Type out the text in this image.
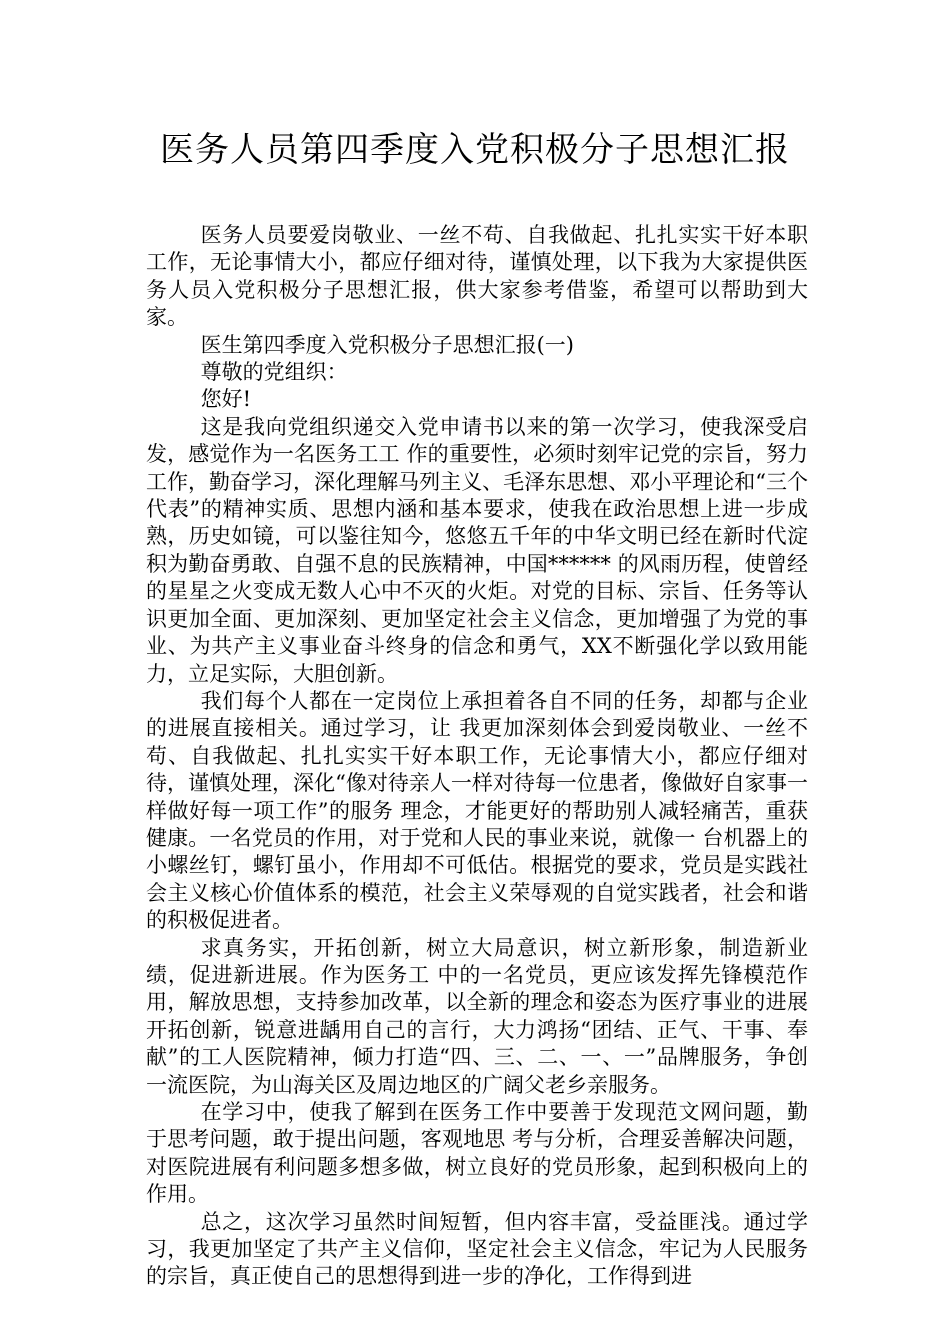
医务人员第四季度入党积极分子思想汇报

医务人员要爱岗敬业、一丝不苟、自我做起、扎扎实实干好本职工作，无论事情大小，都应仔细对待，谨慎处理，以下我为大家提供医务人员入党积极分子思想汇报，供大家参考借鉴，希望可以帮助到大家。

医生第四季度入党积极分子思想汇报(一)

尊敬的党组织：

您好!

这是我向党组织递交入党申请书以来的第一次学习，使我深受启发，感觉作为一名医务工工 作的重要性，必须时刻牢记党的宗旨，努力工作，勤奋学习，深化理解马列主义、毛泽东思想、邓小平理论和“三个代表”的精神实质、思想内涵和基本要求，使我在政治思想上进一步成熟，历史如镜，可以鉴往知今，悠悠五千年的中华文明已经在新时代淀积为勤奋勇敢、自强不息的民族精神，中国****** 的风雨历程，使曾经的星星之火变成无数人心中不灭的火炬。对党的目标、宗旨、任务等认识更加全面、更加深刻、更加坚定社会主义信念，更加增强了为党的事业、为共产主义事业奋斗终身的信念和勇气，XX不断强化学以致用能力，立足实际，大胆创新。

我们每个人都在一定岗位上承担着各自不同的任务，却都与企业的进展直接相关。通过学习，让 我更加深刻体会到爱岗敬业、一丝不苟、自我做起、扎扎实实干好本职工作，无论事情大小，都应仔细对待，谨慎处理，深化“像对待亲人一样对待每一位患者，像做好自家事一样做好每一项工作”的服务 理念，才能更好的帮助别人减轻痛苦，重获健康。一名党员的作用，对于党和人民的事业来说，就像一 台机器上的小螺丝钉，螺钉虽小，作用却不可低估。根据党的要求，党员是实践社会主义核心价值体系的模范，社会主义荣辱观的自觉实践者，社会和谐的积极促进者。

求真务实，开拓创新，树立大局意识，树立新形象，制造新业绩，促进新进展。作为医务工 中的一名党员，更应该发挥先锋模范作用，解放思想，支持参加改革，以全新的理念和姿态为医疗事业的进展开拓创新，锐意进龋用自己的言行，大力鸿扬“团结、正气、干事、奉献”的工人医院精神，倾力打造“四、三、二、一、一”品牌服务，争创一流医院，为山海关区及周边地区的广阔父老乡亲服务。

在学习中，使我了解到在医务工作中要善于发现范文网问题，勤于思考问题，敢于提出问题，客观地思 考与分析，合理妥善解决问题，对医院进展有利问题多想多做，树立良好的党员形象，起到积极向上的作用。

总之，这次学习虽然时间短暂，但内容丰富，受益匪浅。通过学习，我更加坚定了共产主义信仰，坚定社会主义信念，牢记为人民服务的宗旨，真正使自己的思想得到进一步的净化，工作得到进
